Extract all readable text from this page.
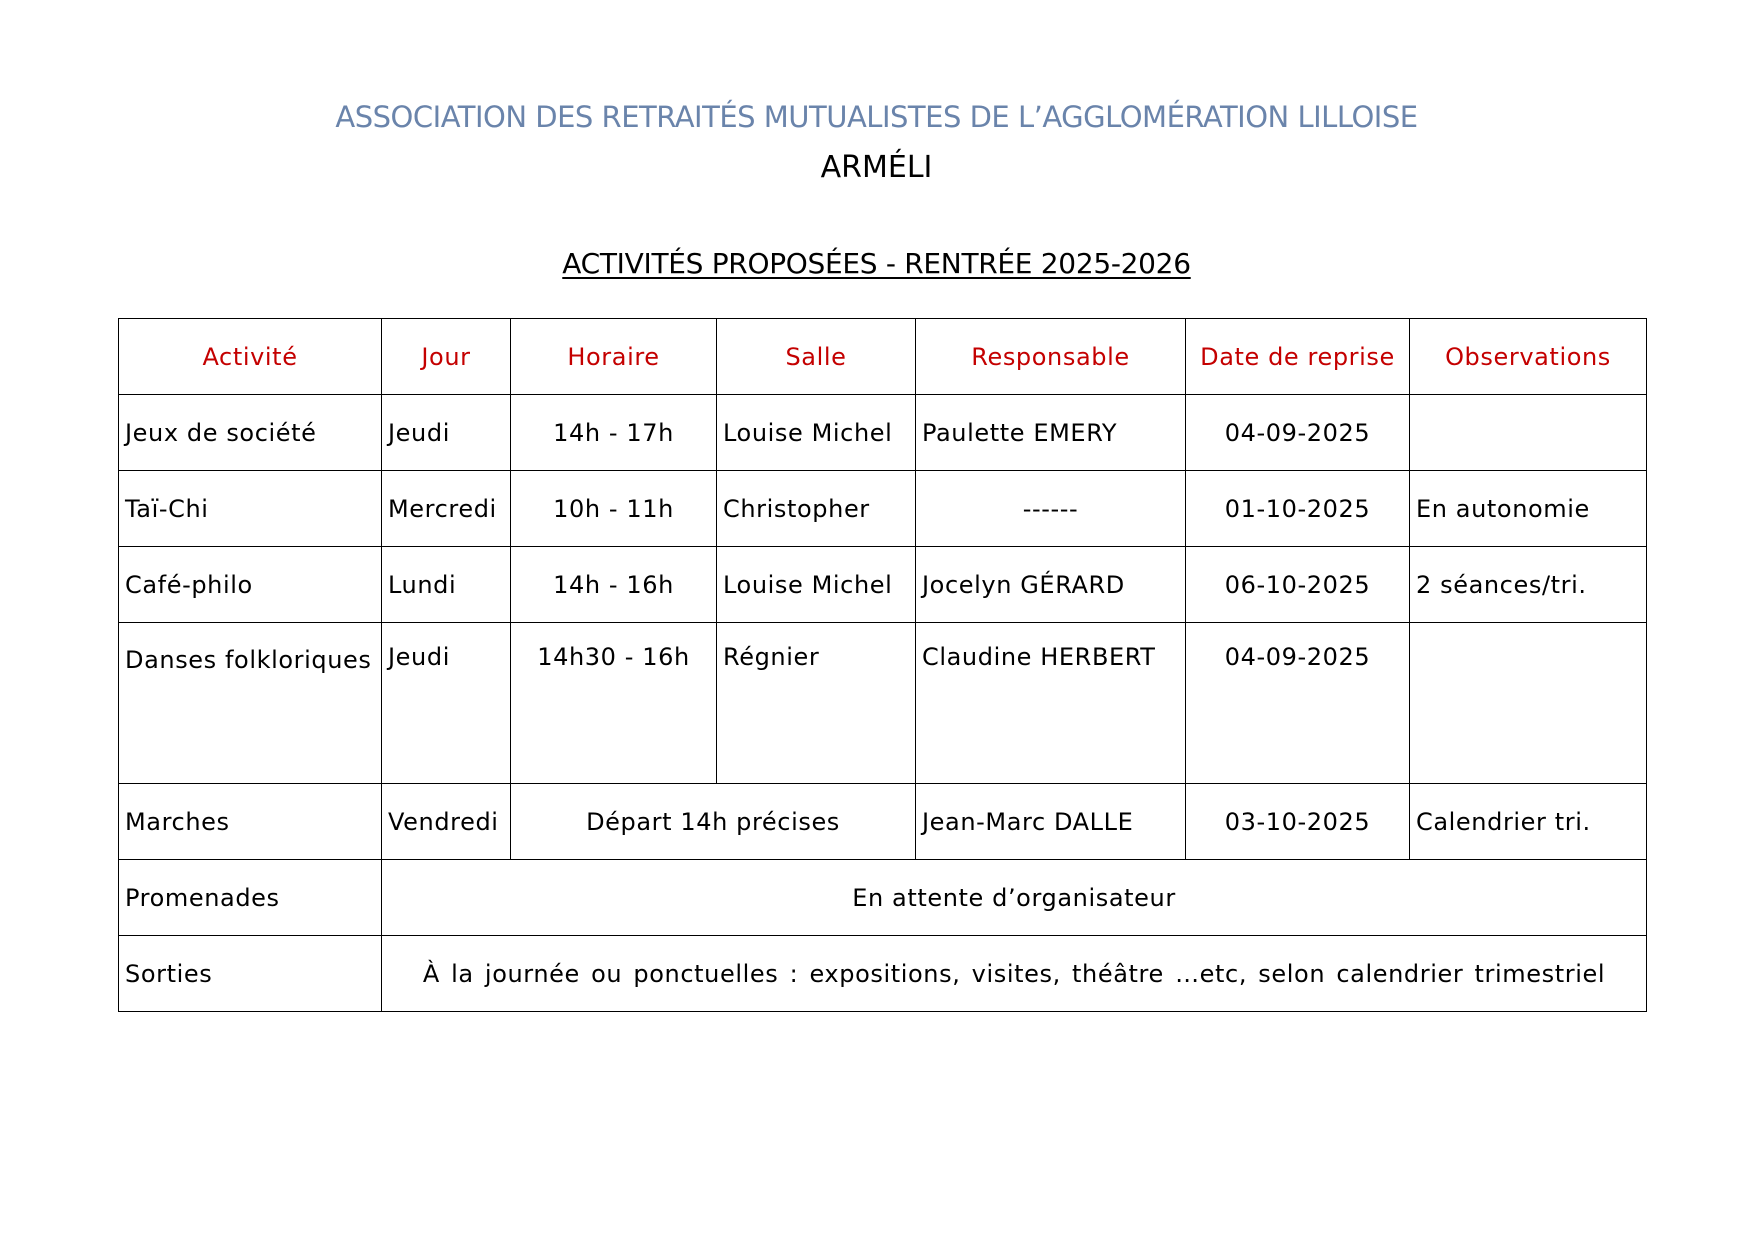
ASSOCIATION DES RETRAITÉS MUTUALISTES DE L’AGGLOMÉRATION LILLOISE
ARMÉLI
ACTIVITÉS PROPOSÉES - RENTRÉE 2025-2026
Activité	Jour	Horaire	Salle	Responsable	Date de reprise	Observations
Jeux de société	Jeudi	14h - 17h	Louise Michel	Paulette EMERY	04-09-2025	
Taï-Chi	Mercredi	10h - 11h	Christopher	------	01-10-2025	En autonomie
Café-philo	Lundi	14h - 16h	Louise Michel	Jocelyn GÉRARD	06-10-2025	2 séances/tri.
Danses folkloriques	Jeudi	14h30 - 16h	Régnier	Claudine HERBERT	04-09-2025	
Marches	Vendredi	Départ 14h précises		Jean-Marc DALLE	03-10-2025	Calendrier tri.
Promenades	En attente d’organisateur					
Sorties	À la journée ou ponctuelles : expositions, visites, théâtre …etc, selon calendrier trimestriel					
